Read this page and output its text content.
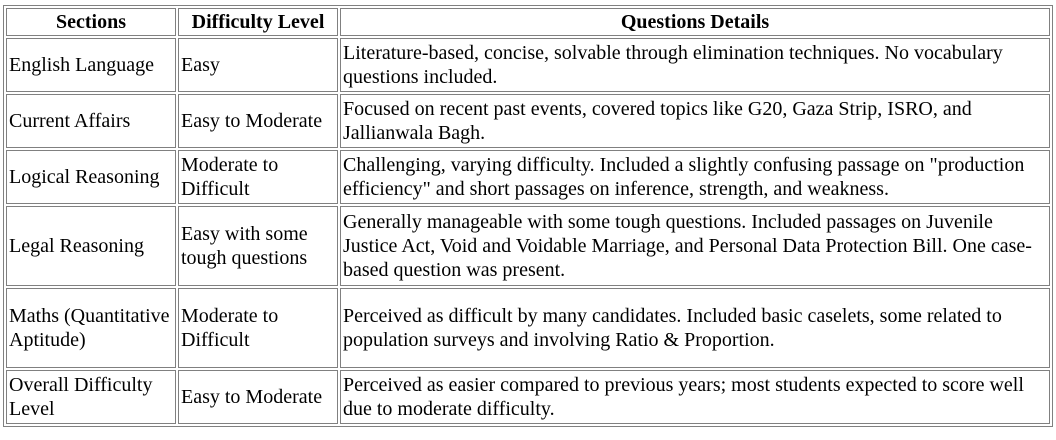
Sections	Difficulty Level	Questions Details
English Language	Easy	Literature-based, concise, solvable through elimination techniques. No vocabulary questions included.
Current Affairs	Easy to Moderate	Focused on recent past events, covered topics like G20, Gaza Strip, ISRO, and Jallianwala Bagh.
Logical Reasoning	Moderate to Difficult	Challenging, varying difficulty. Included a slightly confusing passage on "production efficiency" and short passages on inference, strength, and weakness.
Legal Reasoning	Easy with some tough questions	Generally manageable with some tough questions. Included passages on Juvenile Justice Act, Void and Voidable Marriage, and Personal Data Protection Bill. One case-based question was present.
Maths (Quantitative Aptitude)	Moderate to Difficult	Perceived as difficult by many candidates. Included basic caselets, some related to population surveys and involving Ratio & Proportion.
Overall Difficulty Level	Easy to Moderate	Perceived as easier compared to previous years; most students expected to score well due to moderate difficulty.
